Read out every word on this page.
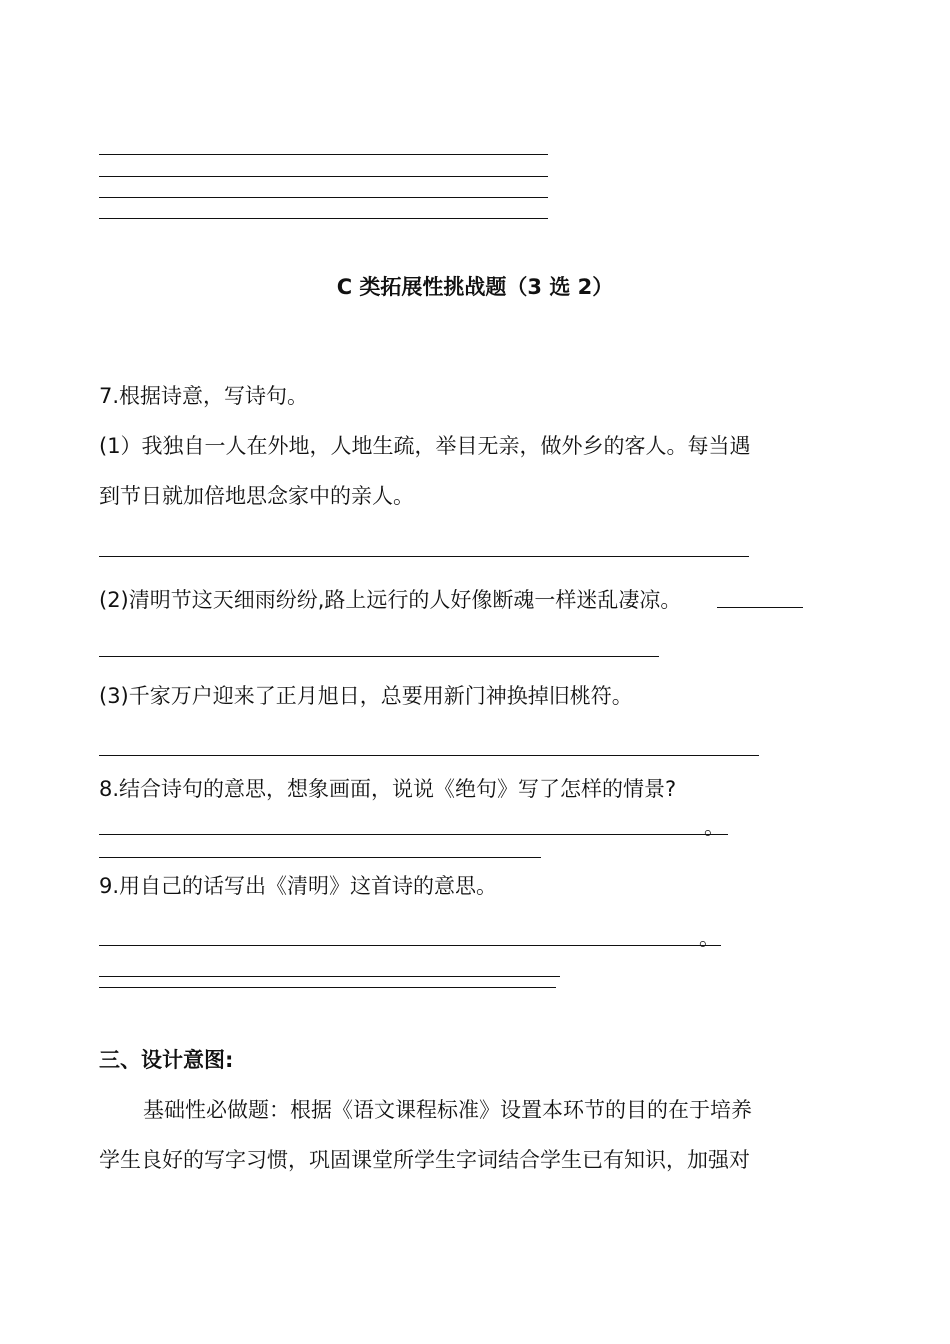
C 类拓展性挑战题（3 选 2）
7.根据诗意，写诗句。
(1）我独自一人在外地，人地生疏，举目无亲，做外乡的客人。每当遇
到节日就加倍地思念家中的亲人。
(2)清明节这天细雨纷纷,路上远行的人好像断魂一样迷乱凄凉。
(3)千家万户迎来了正月旭日，总要用新门神换掉旧桃符。
8.结合诗句的意思，想象画面，说说《绝句》写了怎样的情景?
。
9.用自己的话写出《清明》这首诗的意思。
。
三、设计意图:
基础性必做题：根据《语文课程标准》设置本环节的目的在于培养
学生良好的写字习惯，巩固课堂所学生字词结合学生已有知识，加强对
